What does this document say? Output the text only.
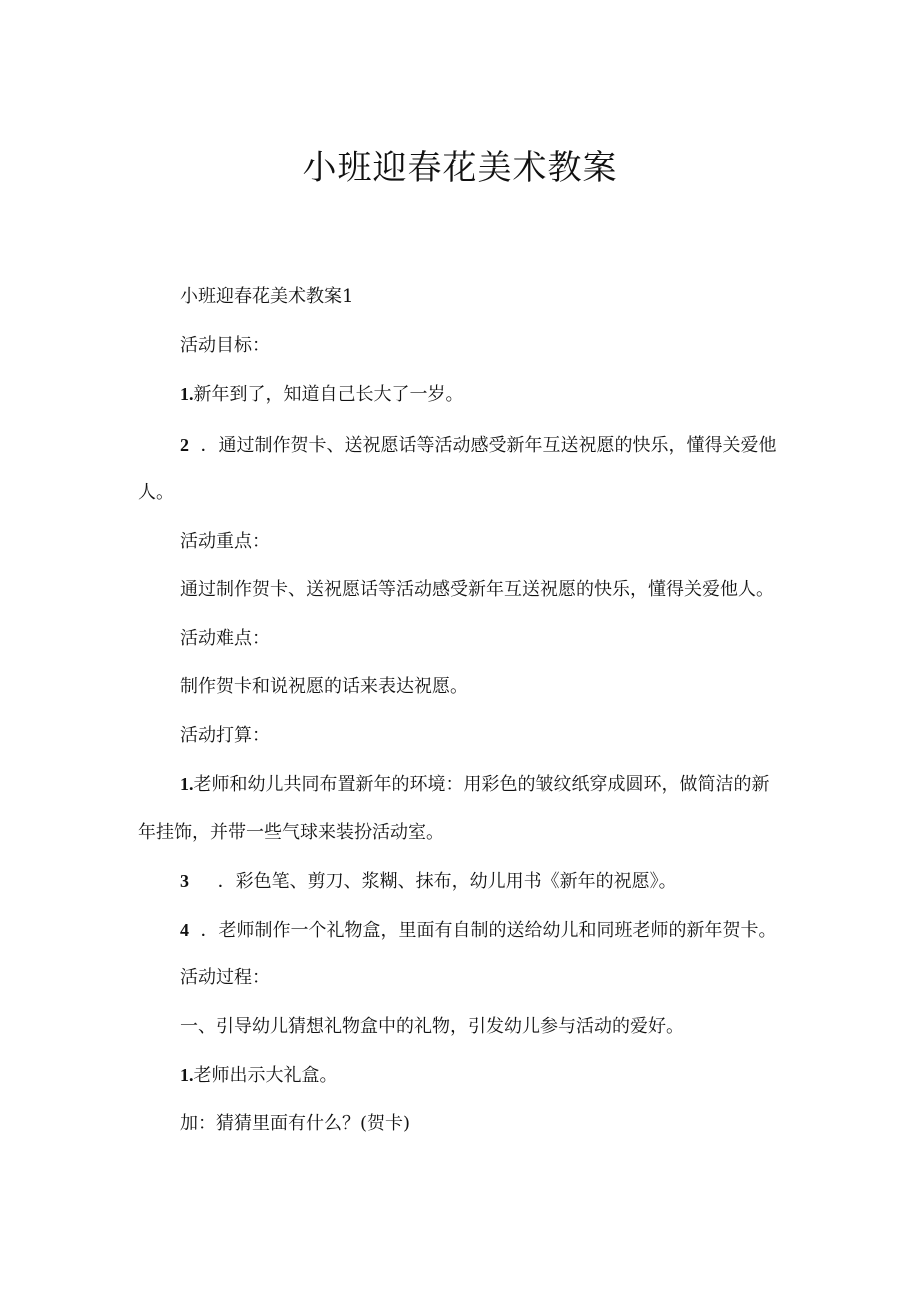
小班迎春花美术教案

小班迎春花美术教案1

活动目标：

1.新年到了，知道自己长大了一岁。

2 ．通过制作贺卡、送祝愿话等活动感受新年互送祝愿的快乐，懂得关爱他

人。

活动重点：

通过制作贺卡、送祝愿话等活动感受新年互送祝愿的快乐，懂得关爱他人。

活动难点：

制作贺卡和说祝愿的话来表达祝愿。

活动打算：

1.老师和幼儿共同布置新年的环境：用彩色的皱纹纸穿成圆环，做简洁的新

年挂饰，并带一些气球来装扮活动室。

3 ．彩色笔、剪刀、浆糊、抹布，幼儿用书《新年的祝愿》。

4 ．老师制作一个礼物盒，里面有自制的送给幼儿和同班老师的新年贺卡。

活动过程：

一、引导幼儿猜想礼物盒中的礼物，引发幼儿参与活动的爱好。

1.老师出示大礼盒。

加：猜猜里面有什么？(贺卡)
